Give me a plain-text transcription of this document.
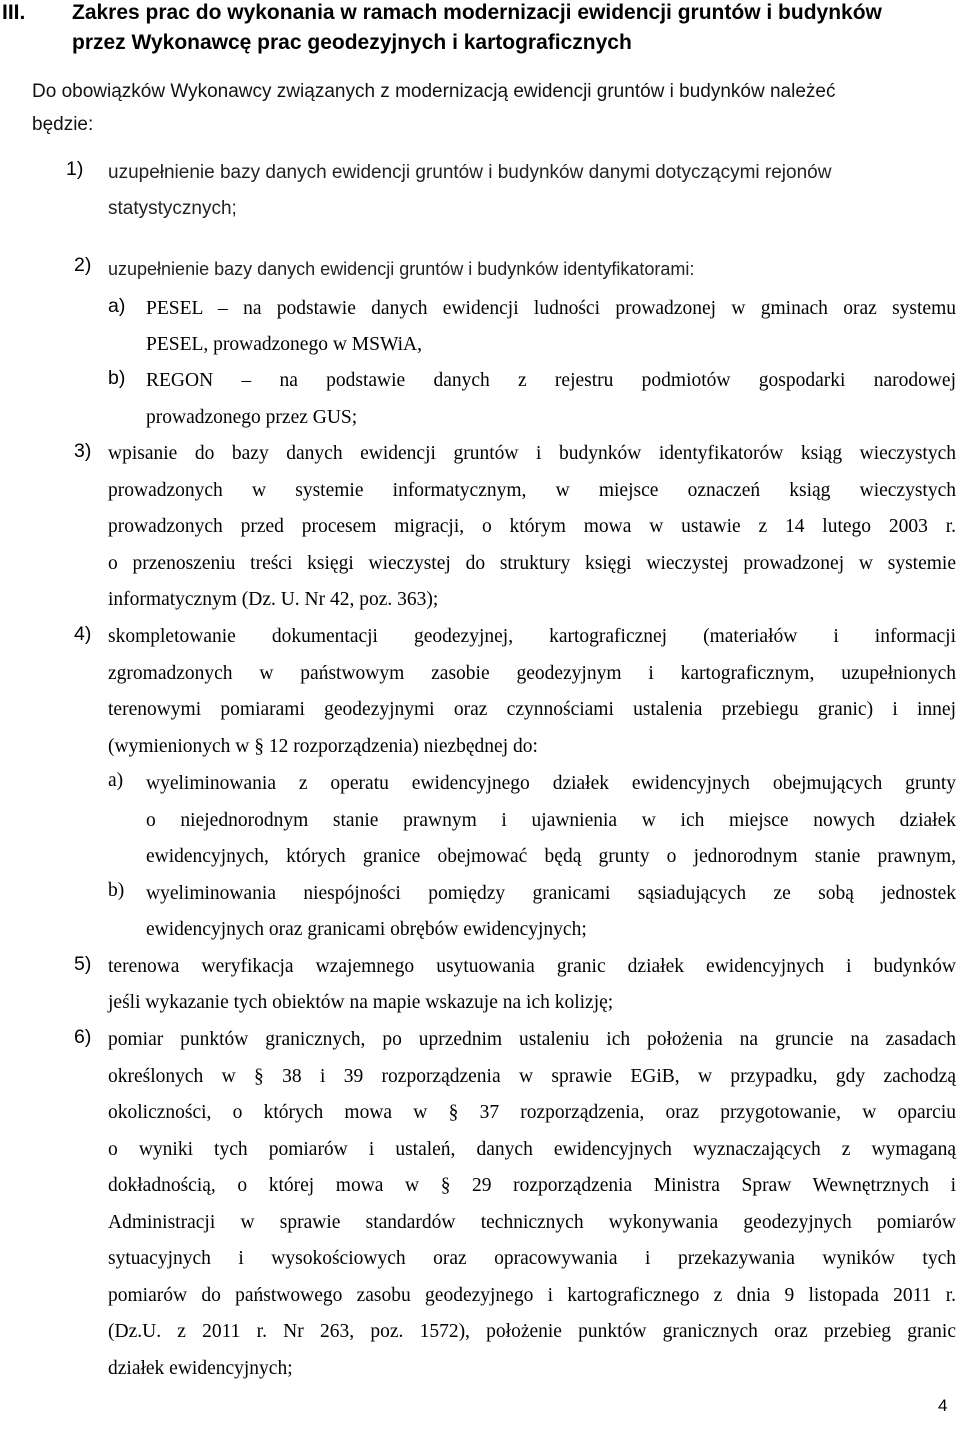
III. Zakres prac do wykonania w ramach modernizacji ewidencji gruntów i budynków
przez Wykonawcę prac geodezyjnych i kartograficznych
Do obowiązków Wykonawcy związanych z modernizacją ewidencji gruntów i budynków należeć
będzie:
1) uzupełnienie bazy danych ewidencji gruntów i budynków danymi dotyczącymi rejonów
statystycznych;
2) uzupełnienie bazy danych ewidencji gruntów i budynków identyfikatorami:
a) PESEL – na podstawie danych ewidencji ludności prowadzonej w gminach oraz systemu
PESEL, prowadzonego w MSWiA,
b) REGON – na podstawie danych z rejestru podmiotów gospodarki narodowej
prowadzonego przez GUS;
3) wpisanie do bazy danych ewidencji gruntów i budynków identyfikatorów ksiąg wieczystych
prowadzonych w systemie informatycznym, w miejsce oznaczeń ksiąg wieczystych
prowadzonych przed procesem migracji, o którym mowa w ustawie z 14 lutego 2003 r.
o przenoszeniu treści księgi wieczystej do struktury księgi wieczystej prowadzonej w systemie
informatycznym (Dz. U. Nr 42, poz. 363);
4) skompletowanie dokumentacji geodezyjnej, kartograficznej (materiałów i informacji
zgromadzonych w państwowym zasobie geodezyjnym i kartograficznym, uzupełnionych
terenowymi pomiarami geodezyjnymi oraz czynnościami ustalenia przebiegu granic) i innej
(wymienionych w § 12 rozporządzenia) niezbędnej do:
a) wyeliminowania z operatu ewidencyjnego działek ewidencyjnych obejmujących grunty
o niejednorodnym stanie prawnym i ujawnienia w ich miejsce nowych działek
ewidencyjnych, których granice obejmować będą grunty o jednorodnym stanie prawnym,
b) wyeliminowania niespójności pomiędzy granicami sąsiadujących ze sobą jednostek
ewidencyjnych oraz granicami obrębów ewidencyjnych;
5) terenowa weryfikacja wzajemnego usytuowania granic działek ewidencyjnych i budynków
jeśli wykazanie tych obiektów na mapie wskazuje na ich kolizję;
6) pomiar punktów granicznych, po uprzednim ustaleniu ich położenia na gruncie na zasadach
określonych w § 38 i 39 rozporządzenia w sprawie EGiB, w przypadku, gdy zachodzą
okoliczności, o których mowa w § 37 rozporządzenia, oraz przygotowanie, w oparciu
o wyniki tych pomiarów i ustaleń, danych ewidencyjnych wyznaczających z wymaganą
dokładnością, o której mowa w § 29 rozporządzenia Ministra Spraw Wewnętrznych i
Administracji w sprawie standardów technicznych wykonywania geodezyjnych pomiarów
sytuacyjnych i wysokościowych oraz opracowywania i przekazywania wyników tych
pomiarów do państwowego zasobu geodezyjnego i kartograficznego z dnia 9 listopada 2011 r.
(Dz.U. z 2011 r. Nr 263, poz. 1572), położenie punktów granicznych oraz przebieg granic
działek ewidencyjnych;
4
